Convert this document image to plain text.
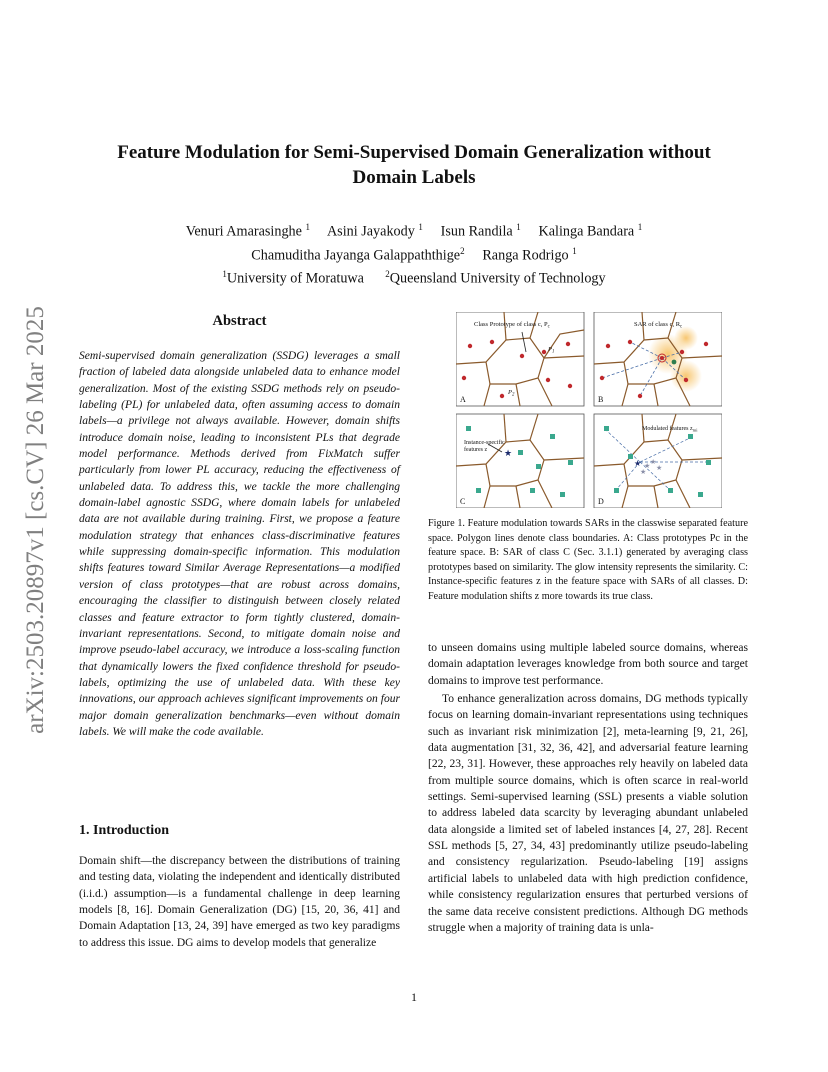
Feature Modulation for Semi-Supervised Domain Generalization without
Domain Labels
Venuri Amarasinghe $^1$  Asini Jayakody $^1$  Isun Randila $^1$  Kalinga Bandara $^1$
Chamuditha Jayanga Galappaththige$^2$  Ranga Rodrigo $^1$
$^1$University of Moratuwa  $^2$Queensland University of Technology
arXiv:2503.20897v1 [cs.CV] 26 Mar 2025	Abstract
Semi-supervised domain generalization (SSDG) leverages a small fraction of labeled data alongside unlabeled data to enhance model generalization. Most of the existing SSDG methods rely on pseudo-labeling (PL) for unlabeled data, often assuming access to domain labels—a privilege not always available. However, domain shifts introduce domain noise, leading to inconsistent PLs that degrade model performance. Methods derived from FixMatch suffer particularly from lower PL accuracy, reducing the effectiveness of unlabeled data. To address this, we tackle the more challenging domain-label agnostic SSDG, where domain labels for unlabeled data are not available during training. First, we propose a feature modulation strategy that enhances class-discriminative features while suppressing domain-specific information. This modulation shifts features toward Similar Average Representations—a modified version of class prototypes—that are robust across domains, encouraging the classifier to distinguish between closely related classes and feature extractor to form tightly clustered, domain-invariant representations. Second, to mitigate domain noise and improve pseudo-label accuracy, we introduce a loss-scaling function that dynamically lowers the fixed confidence threshold for pseudo-labels, optimizing the use of unlabeled data. With these key innovations, our approach achieves significant improvements on four major domain generalization benchmarks—even without domain labels. We will make the code available.
1. Introduction
Domain shift—the discrepancy between the distributions of training and testing data, violating the independent and identically distributed (i.i.d.) assumption—is a fundamental challenge in deep learning models [8, 16]. Domain Generalization (DG) [15, 20, 36, 41] and Domain Adaptation [13, 24, 39] have emerged as two key paradigms to address this issue. DG aims to develop models that generalize
Class Prototype of class c, $P_c$
$P_1$
$P_2$
A
SAR of class c, $R_c$
B
★
Instance-specific
features z
C
★ ★ ★
★ ★
Modulated features $z_{mi}$
D
Figure 1. Feature modulation towards SARs in the classwise separated feature space. Polygon lines denote class boundaries. A: Class prototypes Pc in the feature space. B: SAR of class C (Sec. 3.1.1) generated by averaging class prototypes based on similarity. The glow intensity represents the similarity. C: Instance-specific features z in the feature space with SARs of all classes. D: Feature modulation shifts z more towards its true class.

to unseen domains using multiple labeled source domains, whereas domain adaptation leverages knowledge from both source and target domains to improve test performance.

To enhance generalization across domains, DG methods typically focus on learning domain-invariant representations using techniques such as invariant risk minimization [2], meta-learning [9, 21, 26], data augmentation [31, 32, 36, 42], and adversarial feature learning [22, 23, 31]. However, these approaches rely heavily on labeled data from multiple source domains, which is often scarce in real-world settings. Semi-supervised learning (SSL) presents a viable solution to address labeled data scarcity by leveraging abundant unlabeled data alongside a limited set of labeled instances [4, 27, 28]. Recent SSL methods [5, 27, 34, 43] predominantly utilize pseudo-labeling and consistency regularization. Pseudo-labeling [19] assigns artificial labels to unlabeled data with high prediction confidence, while consistency regularization ensures that perturbed versions of the same data receive consistent predictions. Although DG methods struggle when a majority of training data is unla-

1
